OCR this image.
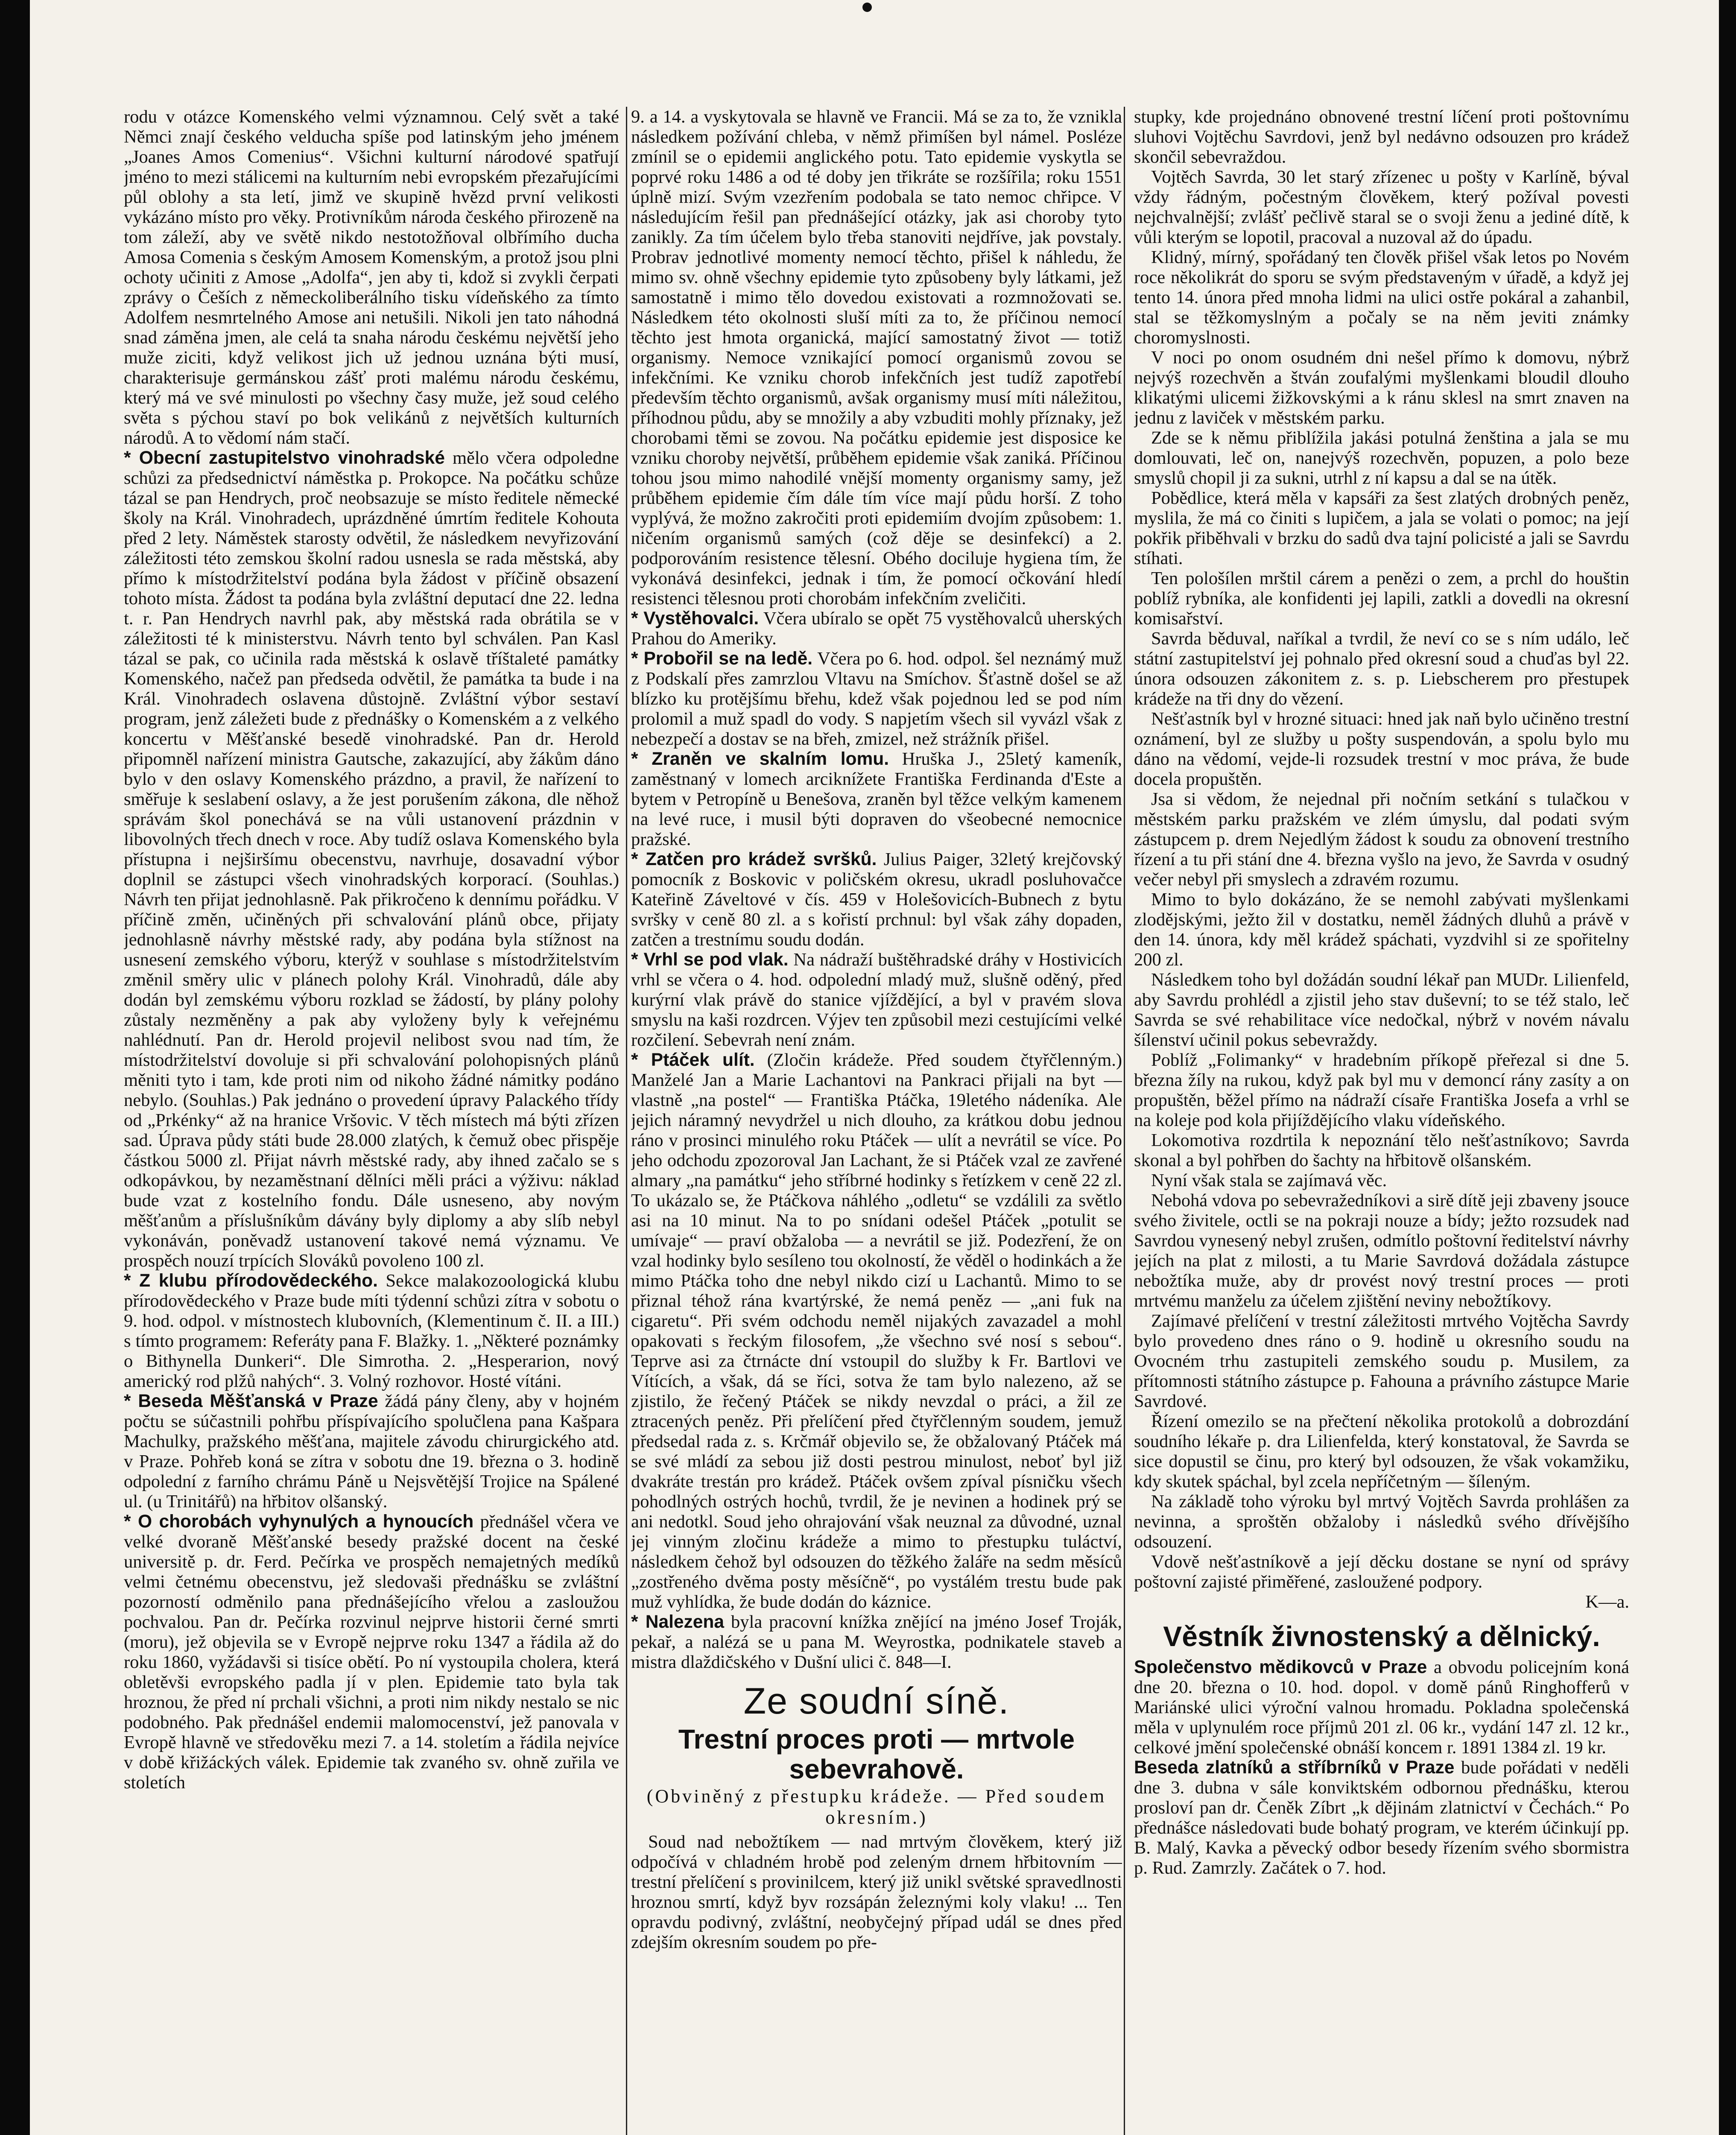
rodu v otázce Komenského velmi významnou. Celý svět a také Němci znají českého velducha spíše pod latinským jeho jménem „Joanes Amos Comenius“. Všichni kulturní národové spatřují jméno to mezi stálicemi na kulturním nebi evropském přezařujícími půl oblohy a sta letí, jimž ve skupině hvězd první velikosti vykázáno místo pro věky. Protivníkům národa českého přirozeně na tom záleží, aby ve světě nikdo nestotožňoval olbřímího ducha Amosa Comenia s českým Amosem Komenským, a protož jsou plni ochoty učiniti z Amose „Adolfa“, jen aby ti, kdož si zvykli čerpati zprávy o Češích z německoliberálního tisku vídeňského za tímto Adolfem nesmrtelného Amose ani netušili. Nikoli jen tato náhodná snad záměna jmen, ale celá ta snaha národu českému největší jeho muže ziciti, když velikost jich už jednou uznána býti musí, charakterisuje germánskou zášť proti malému národu českému, který má ve své minulosti po všechny časy muže, jež soud celého světa s pýchou staví po bok velikánů z největších kulturních národů. A to vědomí nám stačí.

* Obecní zastupitelstvo vinohradské mělo včera odpoledne schůzi za předsednictví náměstka p. Prokopce. Na počátku schůze tázal se pan Hendrych, proč neobsazuje se místo ředitele německé školy na Král. Vinohradech, uprázdněné úmrtím ředitele Kohouta před 2 lety. Náměstek starosty odvětil, že následkem nevyřizování záležitosti této zemskou školní radou usnesla se rada městská, aby přímo k místodržitelství podána byla žádost v příčině obsazení tohoto místa. Žádost ta podána byla zvláštní deputací dne 22. ledna t. r. Pan Hendrych navrhl pak, aby městská rada obrátila se v záležitosti té k ministerstvu. Návrh tento byl schválen. Pan Kasl tázal se pak, co učinila rada městská k oslavě tříštaleté památky Komenského, načež pan předseda odvětil, že památka ta bude i na Král. Vinohradech oslavena důstojně. Zvláštní výbor sestaví program, jenž záležeti bude z přednášky o Komenském a z velkého koncertu v Měšťanské besedě vinohradské. Pan dr. Herold připomněl nařízení ministra Gautsche, zakazující, aby žákům dáno bylo v den oslavy Komenského prázdno, a pravil, že nařízení to směřuje k seslabení oslavy, a že jest porušením zákona, dle něhož správám škol ponechává se na vůli ustanovení prázdnin v libovolných třech dnech v roce. Aby tudíž oslava Komenského byla přístupna i nejširšímu obecenstvu, navrhuje, dosavadní výbor doplnil se zástupci všech vinohradských korporací. (Souhlas.) Návrh ten přijat jednohlasně. Pak přikročeno k dennímu pořádku. V příčině změn, učiněných při schvalování plánů obce, přijaty jednohlasně návrhy městské rady, aby podána byla stížnost na usnesení zemského výboru, kterýž v souhlase s místodržitelstvím změnil směry ulic v plánech polohy Král. Vinohradů, dále aby dodán byl zemskému výboru rozklad se žádostí, by plány polohy zůstaly nezměněny a pak aby vyloženy byly k veřejnému nahlédnutí. Pan dr. Herold projevil nelibost svou nad tím, že místodržitelství dovoluje si při schvalování polohopisných plánů měniti tyto i tam, kde proti nim od nikoho žádné námitky podáno nebylo. (Souhlas.) Pak jednáno o provedení úpravy Palackého třídy od „Prkénky“ až na hranice Vršovic. V těch místech má býti zřízen sad. Úprava půdy státi bude 28.000 zlatých, k čemuž obec přispěje částkou 5000 zl. Přijat návrh městské rady, aby ihned začalo se s odkopávkou, by nezaměstnaní dělníci měli práci a výživu: náklad bude vzat z kostelního fondu. Dále usneseno, aby novým měšťanům a příslušníkům dávány byly diplomy a aby slíb nebyl vykonáván, poněvadž ustanovení takové nemá významu. Ve prospěch nouzí trpících Slováků povoleno 100 zl.

* Z klubu přírodovědeckého. Sekce malakozoologická klubu přírodovědeckého v Praze bude míti týdenní schůzi zítra v sobotu o 9. hod. odpol. v místnostech klubovních, (Klementinum č. II. a III.) s tímto programem: Referáty pana F. Blažky. 1. „Některé poznámky o Bithynella Dunkeri“. Dle Simrotha. 2. „Hesperarion, nový americký rod plžů nahých“. 3. Volný rozhovor. Hosté vítáni.

* Beseda Měšťanská v Praze žádá pány členy, aby v hojném počtu se súčastnili pohřbu příspívajícího spolučlena pana Kašpara Machulky, pražského měšťana, majitele závodu chirurgického atd. v Praze. Pohřeb koná se zítra v sobotu dne 19. března o 3. hodině odpolední z farního chrámu Páně u Nejsvětější Trojice na Spálené ul. (u Trinitářů) na hřbitov olšanský.

* O chorobách vyhynulých a hynoucích přednášel včera ve velké dvoraně Měšťanské besedy pražské docent na české universitě p. dr. Ferd. Pečírka ve prospěch nemajetných medíků velmi četnému obecenstvu, jež sledovaši přednášku se zvláštní pozorností odměnilo pana přednášejícího vřelou a zasloužou pochvalou. Pan dr. Pečírka rozvinul nejprve historii černé smrti (moru), jež objevila se v Evropě nejprve roku 1347 a řádila až do roku 1860, vyžádavši si tisíce obětí. Po ní vystoupila cholera, která obletěvši evropského padla jí v plen. Epidemie tato byla tak hroznou, že před ní prchali všichni, a proti nim nikdy nestalo se nic podobného. Pak přednášel endemii malomocenství, jež panovala v Evropě hlavně ve středověku mezi 7. a 14. stoletím a řádila nejvíce v době křižáckých válek. Epidemie tak zvaného sv. ohně zuřila ve stoletích

9. a 14. a vyskytovala se hlavně ve Francii. Má se za to, že vznikla následkem požívání chleba, v němž přimíšen byl námel. Posléze zmínil se o epidemii anglického potu. Tato epidemie vyskytla se poprvé roku 1486 a od té doby jen třikráte se rozšířila; roku 1551 úplně mizí. Svým vzezřením podobala se tato nemoc chřipce. V následujícím řešil pan přednášející otázky, jak asi choroby tyto zanikly. Za tím účelem bylo třeba stanoviti nejdříve, jak povstaly. Probrav jednotlivé momenty nemocí těchto, přišel k náhledu, že mimo sv. ohně všechny epidemie tyto způsobeny byly látkami, jež samostatně i mimo tělo dovedou existovati a rozmnožovati se. Následkem této okolnosti sluší míti za to, že příčinou nemocí těchto jest hmota organická, mající samostatný život — totiž organismy. Nemoce vznikající pomocí organismů zovou se infekčními. Ke vzniku chorob infekčních jest tudíž zapotřebí především těchto organismů, avšak organismy musí míti náležitou, příhodnou půdu, aby se množily a aby vzbuditi mohly příznaky, jež chorobami těmi se zovou. Na počátku epidemie jest disposice ke vzniku choroby největší, průběhem epidemie však zaniká. Příčinou tohou jsou mimo nahodilé vnější momenty organismy samy, jež průběhem epidemie čím dále tím více mají půdu horší. Z toho vyplývá, že možno zakročiti proti epidemiím dvojím způsobem: 1. ničením organismů samých (což děje se desinfekcí) a 2. podporováním resistence tělesní. Obého dociluje hygiena tím, že vykonává desinfekci, jednak i tím, že pomocí očkování hledí resistenci tělesnou proti chorobám infekčním zveličiti.

* Vystěhovalci. Včera ubíralo se opět 75 vystěhovalců uherských Prahou do Ameriky.

* Probořil se na ledě. Včera po 6. hod. odpol. šel neznámý muž z Podskalí přes zamrzlou Vltavu na Smíchov. Šťastně došel se až blízko ku protějšímu břehu, kdež však pojednou led se pod ním prolomil a muž spadl do vody. S napjetím všech sil vyvázl však z nebezpečí a dostav se na břeh, zmizel, než strážník přišel.

* Zraněn ve skalním lomu. Hruška J., 25letý kameník, zaměstnaný v lomech arciknížete Františka Ferdinanda d'Este a bytem v Petropíně u Benešova, zraněn byl těžce velkým kamenem na levé ruce, i musil býti dopraven do všeobecné nemocnice pražské.

* Zatčen pro krádež svršků. Julius Paiger, 32letý krejčovský pomocník z Boskovic v poličském okresu, ukradl posluhovačce Kateřině Záveltové v čís. 459 v Holešovicích-Bubnech z bytu svršky v ceně 80 zl. a s kořistí prchnul: byl však záhy dopaden, zatčen a trestnímu soudu dodán.

* Vrhl se pod vlak. Na nádraží buštěhradské dráhy v Hostivicích vrhl se včera o 4. hod. odpolední mladý muž, slušně oděný, před kurýrní vlak právě do stanice vjíždějící, a byl v pravém slova smyslu na kaši rozdrcen. Výjev ten způsobil mezi cestujícími velké rozčilení. Sebevrah není znám.

* Ptáček ulít. (Zločin krádeže. Před soudem čtyřčlenným.) Manželé Jan a Marie Lachantovi na Pankraci přijali na byt — vlastně „na postel“ — Františka Ptáčka, 19letého nádeníka. Ale jejich náramný nevydržel u nich dlouho, za krátkou dobu jednou ráno v prosinci minulého roku Ptáček — ulít a nevrátil se více. Po jeho odchodu zpozoroval Jan Lachant, že si Ptáček vzal ze zavřené almary „na památku“ jeho stříbrné hodinky s řetízkem v ceně 22 zl. To ukázalo se, že Ptáčkova náhlého „odletu“ se vzdálili za světlo asi na 10 minut. Na to po snídani odešel Ptáček „potulit se umívaje“ — praví obžaloba — a nevrátil se již. Podezření, že on vzal hodinky bylo sesíleno tou okolností, že věděl o hodinkách a že mimo Ptáčka toho dne nebyl nikdo cizí u Lachantů. Mimo to se přiznal téhož rána kvartýrské, že nemá peněz — „ani fuk na cigaretu“. Při svém odchodu neměl nijakých zavazadel a mohl opakovati s řeckým filosofem, „že všechno své nosí s sebou“. Teprve asi za čtrnácte dní vstoupil do služby k Fr. Bartlovi ve Vítících, a však, dá se říci, sotva že tam bylo nalezeno, až se zjistilo, že řečený Ptáček se nikdy nevzdal o práci, a žil ze ztracených peněz. Při přelíčení před čtyřčlenným soudem, jemuž předsedal rada z. s. Krčmář objevilo se, že obžalovaný Ptáček má se své mládí za sebou již dosti pestrou minulost, neboť byl již dvakráte trestán pro krádež. Ptáček ovšem zpíval písničku všech pohodlných ostrých hochů, tvrdil, že je nevinen a hodinek prý se ani nedotkl. Soud jeho ohrajování však neuznal za důvodné, uznal jej vinným zločinu krádeže a mimo to přestupku tuláctví, následkem čehož byl odsouzen do těžkého žaláře na sedm měsíců „zostřeného dvěma posty měsíčně“, po vystálém trestu bude pak muž vyhlídka, že bude dodán do káznice.

* Nalezena byla pracovní knížka znějící na jméno Josef Troják, pekař, a nalézá se u pana M. Weyrostka, podnikatele staveb a mistra dlaždičského v Dušní ulici č. 848—I.

Ze soudní síně.
Trestní proces proti — mrtvole sebevrahově.
(Obviněný z přestupku krádeže. — Před soudem okresním.)

Soud nad nebožtíkem — nad mrtvým člověkem, který již odpočívá v chladném hrobě pod zeleným drnem hřbitovním — trestní přelíčení s provinilcem, který již unikl světské spravedlnosti hroznou smrtí, když byv rozsápán železnými koly vlaku! ... Ten opravdu podivný, zvláštní, neobyčejný případ udál se dnes před zdejším okresním soudem po pře-

stupky, kde projednáno obnovené trestní líčení proti poštovnímu sluhovi Vojtěchu Savrdovi, jenž byl nedávno odsouzen pro krádež skončil sebevraždou.

Vojtěch Savrda, 30 let starý zřízenec u pošty v Karlíně, býval vždy řádným, počestným člověkem, který požíval povesti nejchvalnější; zvlášť pečlivě staral se o svoji ženu a jediné dítě, k vůli kterým se lopotil, pracoval a nuzoval až do úpadu.

Klidný, mírný, spořádaný ten člověk přišel však letos po Novém roce několikrát do sporu se svým představeným v úřadě, a když jej tento 14. února před mnoha lidmi na ulici ostře pokáral a zahanbil, stal se těžkomyslným a počaly se na něm jeviti známky choromyslnosti.

V noci po onom osudném dni nešel přímo k domovu, nýbrž nejvýš rozechvěn a štván zoufalými myšlenkami bloudil dlouho klikatými ulicemi žižkovskými a k ránu sklesl na smrt znaven na jednu z laviček v městském parku.

Zde se k němu přiblížila jakási potulná ženština a jala se mu domlouvati, leč on, nanejvýš rozechvěn, popuzen, a polo beze smyslů chopil ji za sukni, utrhl z ní kapsu a dal se na útěk.

Pobědlice, která měla v kapsáři za šest zlatých drobných peněz, myslila, že má co činiti s lupičem, a jala se volati o pomoc; na její pokřik přiběhvali v brzku do sadů dva tajní policisté a jali se Savrdu stíhati.

Ten pološílen mrštil cárem a penězi o zem, a prchl do houštin poblíž rybníka, ale konfidenti jej lapili, zatkli a dovedli na okresní komisařství.

Savrda běduval, naříkal a tvrdil, že neví co se s ním událo, leč státní zastupitelství jej pohnalo před okresní soud a chuďas byl 22. února odsouzen zákonitem z. s. p. Liebscherem pro přestupek krádeže na tři dny do vězení.

Nešťastník byl v hrozné situaci: hned jak naň bylo učiněno trestní oznámení, byl ze služby u pošty suspendován, a spolu bylo mu dáno na vědomí, vejde-li rozsudek trestní v moc práva, že bude docela propuštěn.

Jsa si vědom, že nejednal při nočním setkání s tulačkou v městském parku pražském ve zlém úmyslu, dal podati svým zástupcem p. drem Nejedlým žádost k soudu za obnovení trestního řízení a tu při stání dne 4. března vyšlo na jevo, že Savrda v osudný večer nebyl při smyslech a zdravém rozumu.

Mimo to bylo dokázáno, že se nemohl zabývati myšlenkami zlodějskými, ježto žil v dostatku, neměl žádných dluhů a právě v den 14. února, kdy měl krádež spáchati, vyzdvihl si ze spořitelny 200 zl.

Následkem toho byl dožádán soudní lékař pan MUDr. Lilienfeld, aby Savrdu prohlédl a zjistil jeho stav duševní; to se též stalo, leč Savrda se své rehabilitace více nedočkal, nýbrž v novém návalu šílenství učinil pokus sebevraždy.

Poblíž „Folimanky“ v hradebním příkopě přeřezal si dne 5. března žíly na rukou, když pak byl mu v demoncí rány zasíty a on propuštěn, běžel přímo na nádraží císaře Františka Josefa a vrhl se na koleje pod kola přijíždějícího vlaku vídeňského.

Lokomotiva rozdrtila k nepoznání tělo nešťastníkovo; Savrda skonal a byl pohřben do šachty na hřbitově olšanském.

Nyní však stala se zajímavá věc.

Nebohá vdova po sebevražedníkovi a sirě dítě jeji zbaveny jsouce svého živitele, octli se na pokraji nouze a bídy; ježto rozsudek nad Savrdou vynesený nebyl zrušen, odmítlo poštovní ředitelství návrhy jejích na plat z milosti, a tu Marie Savrdová dožádala zástupce nebožtíka muže, aby dr provést nový trestní proces — proti mrtvému manželu za účelem zjištění neviny nebožtíkovy.

Zajímavé přelíčení v trestní záležitosti mrtvého Vojtěcha Savrdy bylo provedeno dnes ráno o 9. hodině u okresního soudu na Ovocném trhu zastupiteli zemského soudu p. Musilem, za přítomnosti státního zástupce p. Fahouna a právního zástupce Marie Savrdové.

Řízení omezilo se na přečtení několika protokolů a dobrozdání soudního lékaře p. dra Lilienfelda, který konstatoval, že Savrda se sice dopustil se činu, pro který byl odsouzen, že však vokamžiku, kdy skutek spáchal, byl zcela nepříčetným — šíleným.

Na základě toho výroku byl mrtvý Vojtěch Savrda prohlášen za nevinna, a sproštěn obžaloby i následků svého dřívějšího odsouzení.

Vdově nešťastníkově a její děcku dostane se nyní od správy poštovní zajisté přiměřené, zasloužené podpory.

K—a.

Věstník živnostenský a dělnický.

Společenstvo mědikovců v Praze a obvodu policejním koná dne 20. března o 10. hod. dopol. v domě pánů Ringhofferů v Mariánské ulici výroční valnou hromadu. Pokladna společenská měla v uplynulém roce příjmů 201 zl. 06 kr., vydání 147 zl. 12 kr., celkové jmění společenské obnáší koncem r. 1891 1384 zl. 19 kr.

Beseda zlatníků a stříbrníků v Praze bude pořádati v neděli dne 3. dubna v sále konviktském odbornou přednášku, kterou prosloví pan dr. Čeněk Zíbrt „k dějinám zlatnictví v Čechách.“ Po přednášce následovati bude bohatý program, ve kterém účinkují pp. B. Malý, Kavka a pěvecký odbor besedy řízením svého sbormistra p. Rud. Zamrzly. Začátek o 7. hod.
